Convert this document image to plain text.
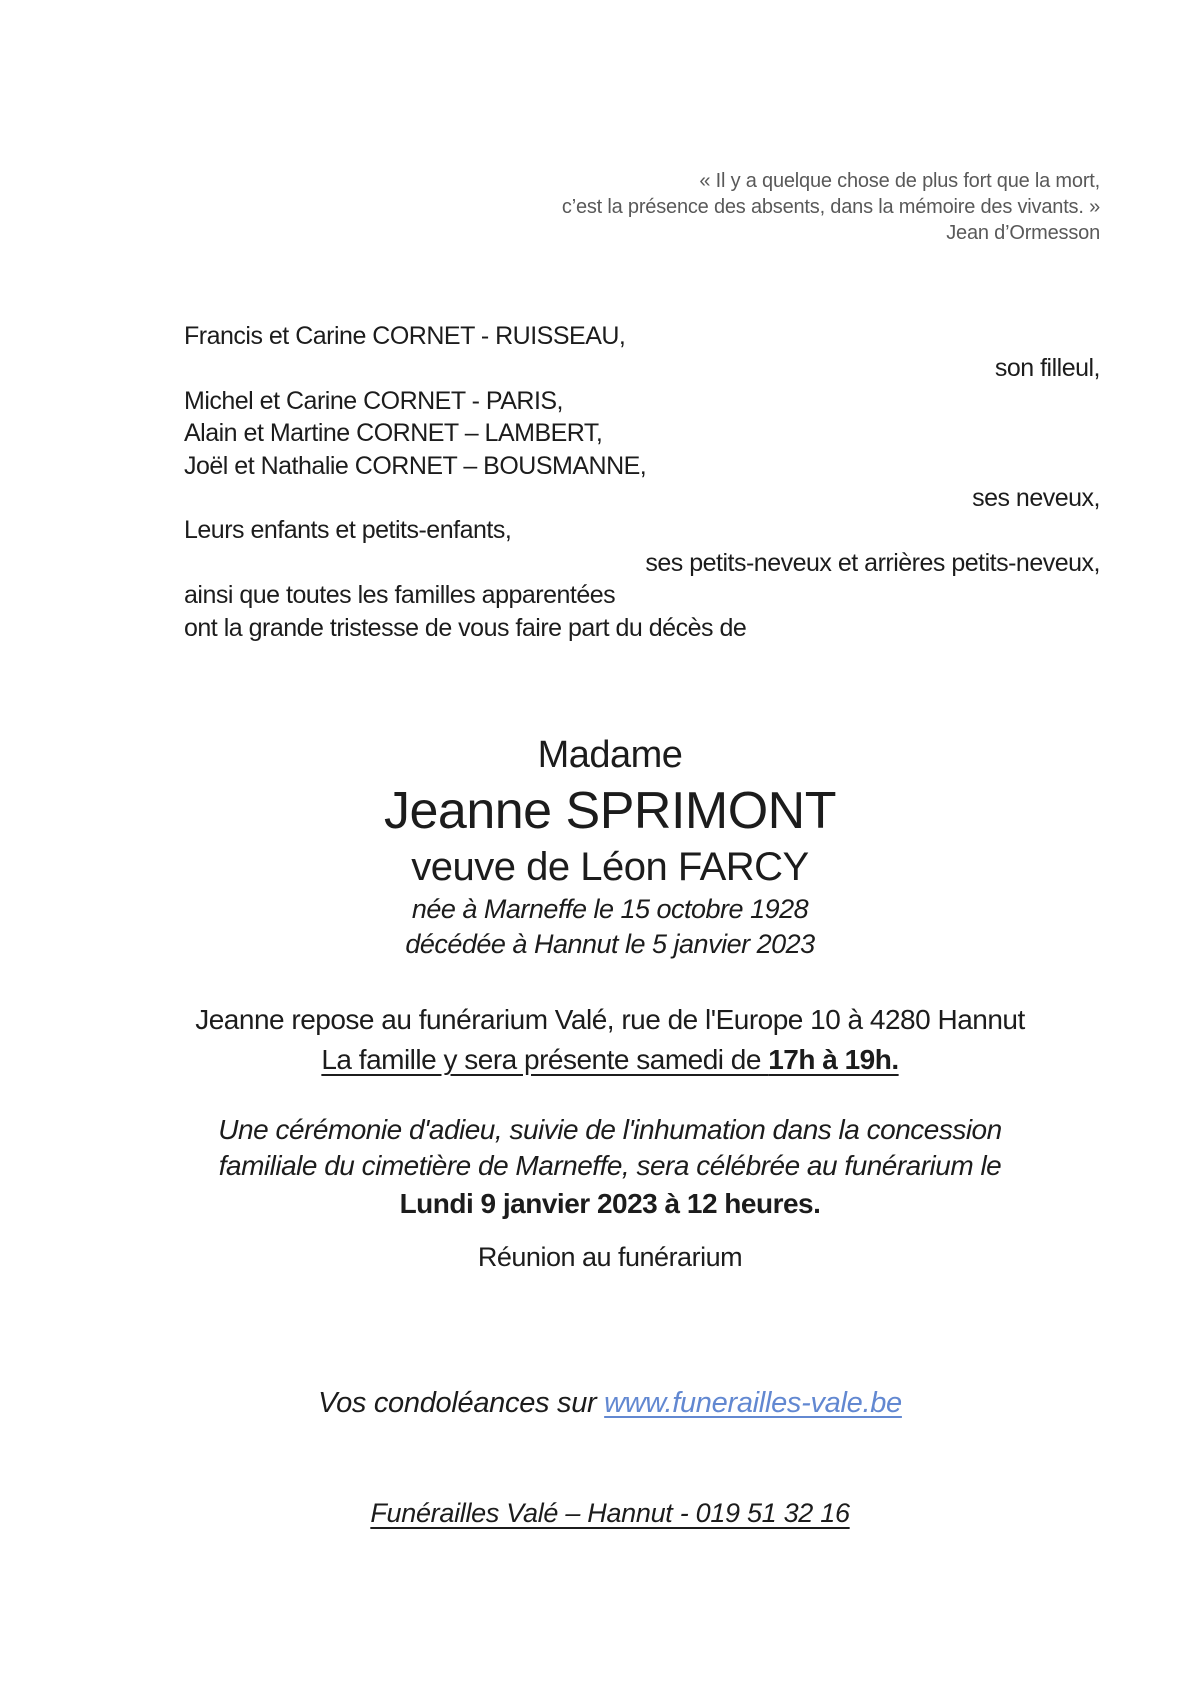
« Il y a quelque chose de plus fort que la mort,
c’est la présence des absents, dans la mémoire des vivants. »
Jean d’Ormesson
Francis et Carine CORNET - RUISSEAU,
son filleul,
Michel et Carine CORNET - PARIS,
Alain et Martine CORNET – LAMBERT,
Joël et Nathalie CORNET – BOUSMANNE,
ses neveux,
Leurs enfants et petits-enfants,
ses petits-neveux et arrières petits-neveux,
ainsi que toutes les familles apparentées
ont la grande tristesse de vous faire part du décès de
Madame
Jeanne SPRIMONT
veuve de Léon FARCY
née à Marneffe le 15 octobre 1928
décédée à Hannut le 5 janvier 2023
Jeanne repose au funérarium Valé, rue de l'Europe 10 à 4280 Hannut
La famille y sera présente samedi de 17h à 19h.
Une cérémonie d'adieu, suivie de l'inhumation dans la concession
familiale du cimetière de Marneffe, sera célébrée au funérarium le
Lundi 9 janvier 2023 à 12 heures.
Réunion au funérarium
Vos condoléances sur www.funerailles-vale.be
Funérailles Valé – Hannut - 019 51 32 16
